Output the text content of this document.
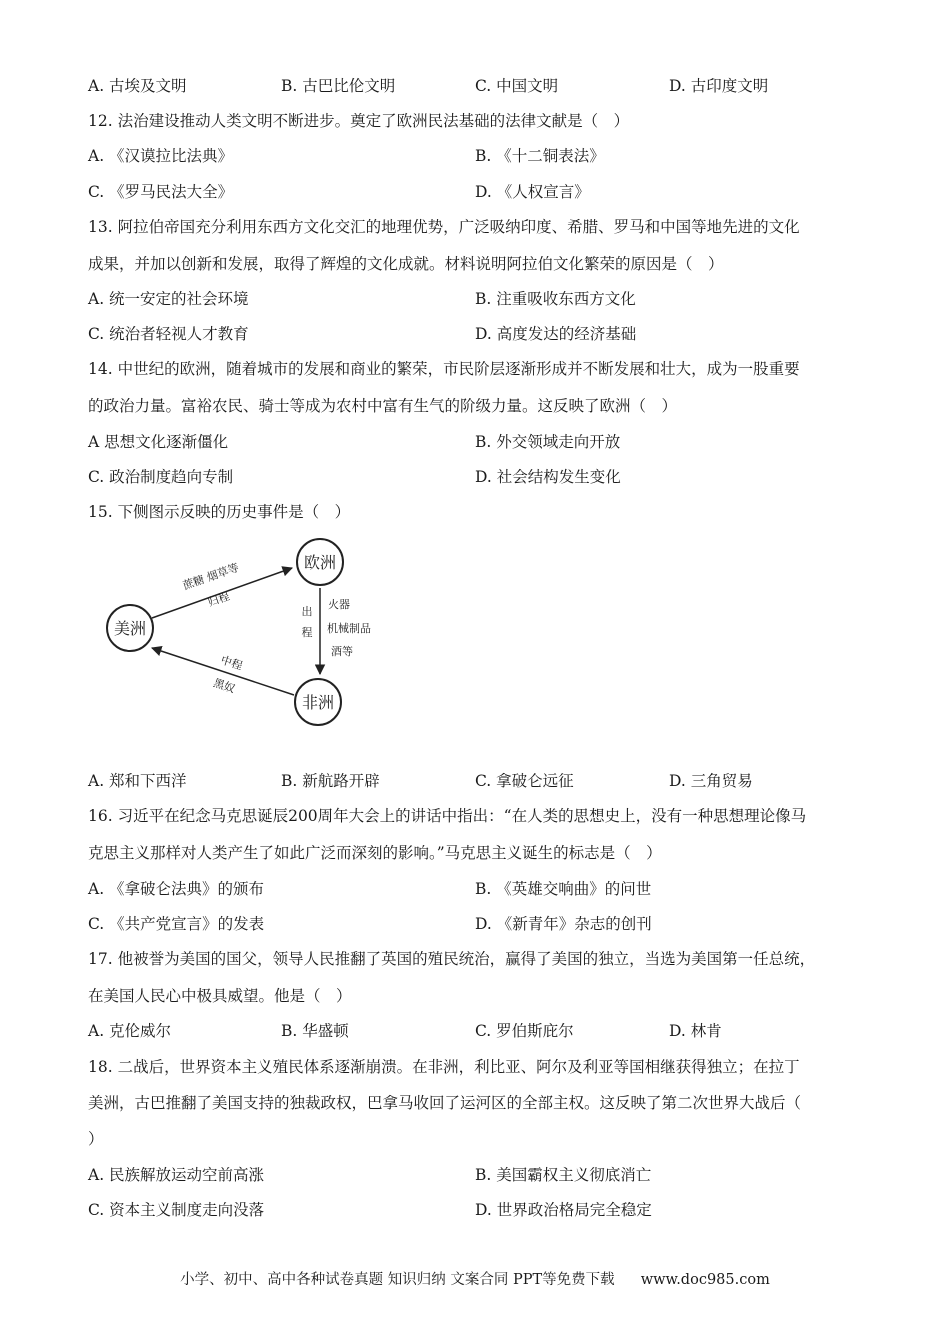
A. 古埃及文明	B. 古巴比伦文明	C. 中国文明	D. 古印度文明
12. 法治建设推动人类文明不断进步。奠定了欧洲民法基础的法律文献是（　）
A. 《汉谟拉比法典》	B. 《十二铜表法》
C. 《罗马民法大全》	D. 《人权宣言》
13. 阿拉伯帝国充分利用东西方文化交汇的地理优势，广泛吸纳印度、希腊、罗马和中国等地先进的文化
成果，并加以创新和发展，取得了辉煌的文化成就。材料说明阿拉伯文化繁荣的原因是（　）
A. 统一安定的社会环境	B. 注重吸收东西方文化
C. 统治者轻视人才教育	D. 高度发达的经济基础
14. 中世纪的欧洲，随着城市的发展和商业的繁荣，市民阶层逐渐形成并不断发展和壮大，成为一股重要
的政治力量。富裕农民、骑士等成为农村中富有生气的阶级力量。这反映了欧洲（　）
A 思想文化逐渐僵化	B. 外交领域走向开放
C. 政治制度趋向专制	D. 社会结构发生变化
15. 下侧图示反映的历史事件是（　）
欧洲
美洲
非洲
蔗糖 烟草等
归程
出
程
火器
机械制品
酒等
中程
黑奴
A. 郑和下西洋	B. 新航路开辟	C. 拿破仑远征	D. 三角贸易
16. 习近平在纪念马克思诞辰200周年大会上的讲话中指出：“在人类的思想史上，没有一种思想理论像马
克思主义那样对人类产生了如此广泛而深刻的影响。”马克思主义诞生的标志是（　）
A. 《拿破仑法典》的颁布	B. 《英雄交响曲》的问世
C. 《共产党宣言》的发表	D. 《新青年》杂志的创刊
17. 他被誉为美国的国父，领导人民推翻了英国的殖民统治，赢得了美国的独立，当选为美国第一任总统，
在美国人民心中极具威望。他是（　）
A. 克伦威尔	B. 华盛顿	C. 罗伯斯庇尔	D. 林肯
18. 二战后，世界资本主义殖民体系逐渐崩溃。在非洲，利比亚、阿尔及利亚等国相继获得独立；在拉丁
美洲，古巴推翻了美国支持的独裁政权，巴拿马收回了运河区的全部主权。这反映了第二次世界大战后（
）
A. 民族解放运动空前高涨	B. 美国霸权主义彻底消亡
C. 资本主义制度走向没落	D. 世界政治格局完全稳定
小学、初中、高中各种试卷真题 知识归纳 文案合同 PPT等免费下载 www.doc985.com
